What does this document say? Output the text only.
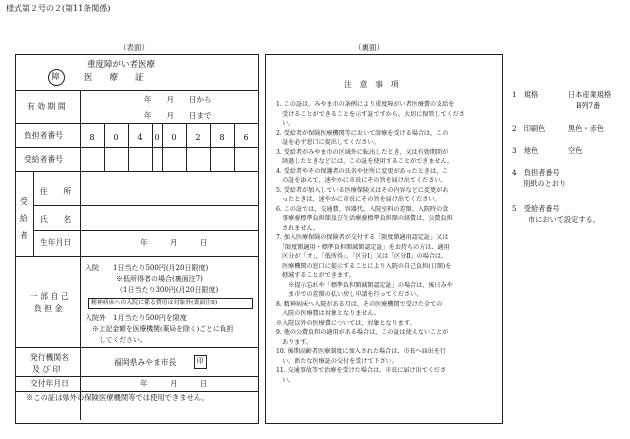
様式第２号の２(第11条関係)
（表面）	（裏面）
重度障がい者医療
障	医　　療　　証
有 効 期 間
年　　月　　日から
年　　月　　日まで
負担者番号	8	0	4	0	0	2	8	6
受給者番号
受
給
者
住　　所
氏　　名
生年月日	年　　　月　　　日
一 部 自 己
負 担 金
入院　　1日当たり500円(月20日限度)
※低所得者の場合(裏面注7)
（1日当たり300円(月20日限度)
精神病床への入院に係る費用は対象外(裏面注8)
入院外　1月当たり500円を限度
※上記金額を医療機関(薬局を除く)ごとに負担
してください。
発行機関名
及 び 印
福岡県みやま市長	印
交付年月日	年　　　月　　　日
※この証は県外の保険医療機関等では使用できません。
注　意　事　項
1. この証は、みやま市の条例により重度障がい者医療費の支給を
　受けることができることを示す証ですから、大切に保管してくださ
　い。
2. 受給者が保険医療機関等において診療を受ける場合は、この
　証を必ず窓口に提出してください。
3. 受給者がみやま市の区域外に転出したとき、又は有効期間が
　経過したときなどには、この証を使用することができません。
4. 受給者やその保護者の氏名や住所に変更があったときは、こ
　の証を添えて、速やかに市長にその旨を届け出てください。
5. 受給者が加入している医療保険又はその内容などに変更があ
　ったときは、速やかに市長にその旨を届け出てください。
6. この証では、交通費、容器代、入院室料の差額、入院時の食
　事療養標準負担額及び生活療養標準負担額の経費は、公費負担
　されません。
7. 加入医療保険の保険者が交付する「限度額適用認定証」又は
　「限度額適用・標準負担額減額認定証」をお持ちの方は、適用
　区分が「オ」、「低所得」、「区分Ⅰ」又は「区分Ⅱ」の場合は、
　医療機関の窓口に提示することにより入院の自己負担(日額)を
　軽減することができます。
　　※提示忘れや「標準負担額減額認定証」の場合は、後日みや
　　ま市での差額の払い戻し申請を行ってください。
8. 精神病床へ入院がある月は、その医療機関で受けた全ての
　入院の医療費は対象となりません。
※入院以外の医療費については、対象となります。
9. 他の公費負担の適用がある場合は、この証は使えないことが
　あります。
10. 後期高齢者医療制度に加入された場合は、市長へ届出を行
　い、新たな医療証の交付を受けて下さい。
11. 交通事故等で治療を受けた場合は、市長に届け出てくださ
　い。
1　規格	日本産業規格
B列7番
2　印刷色	黒色・赤色
3　地色	空色
4　負担者番号
別紙のとおり
5　受給者番号
市において設定する。
